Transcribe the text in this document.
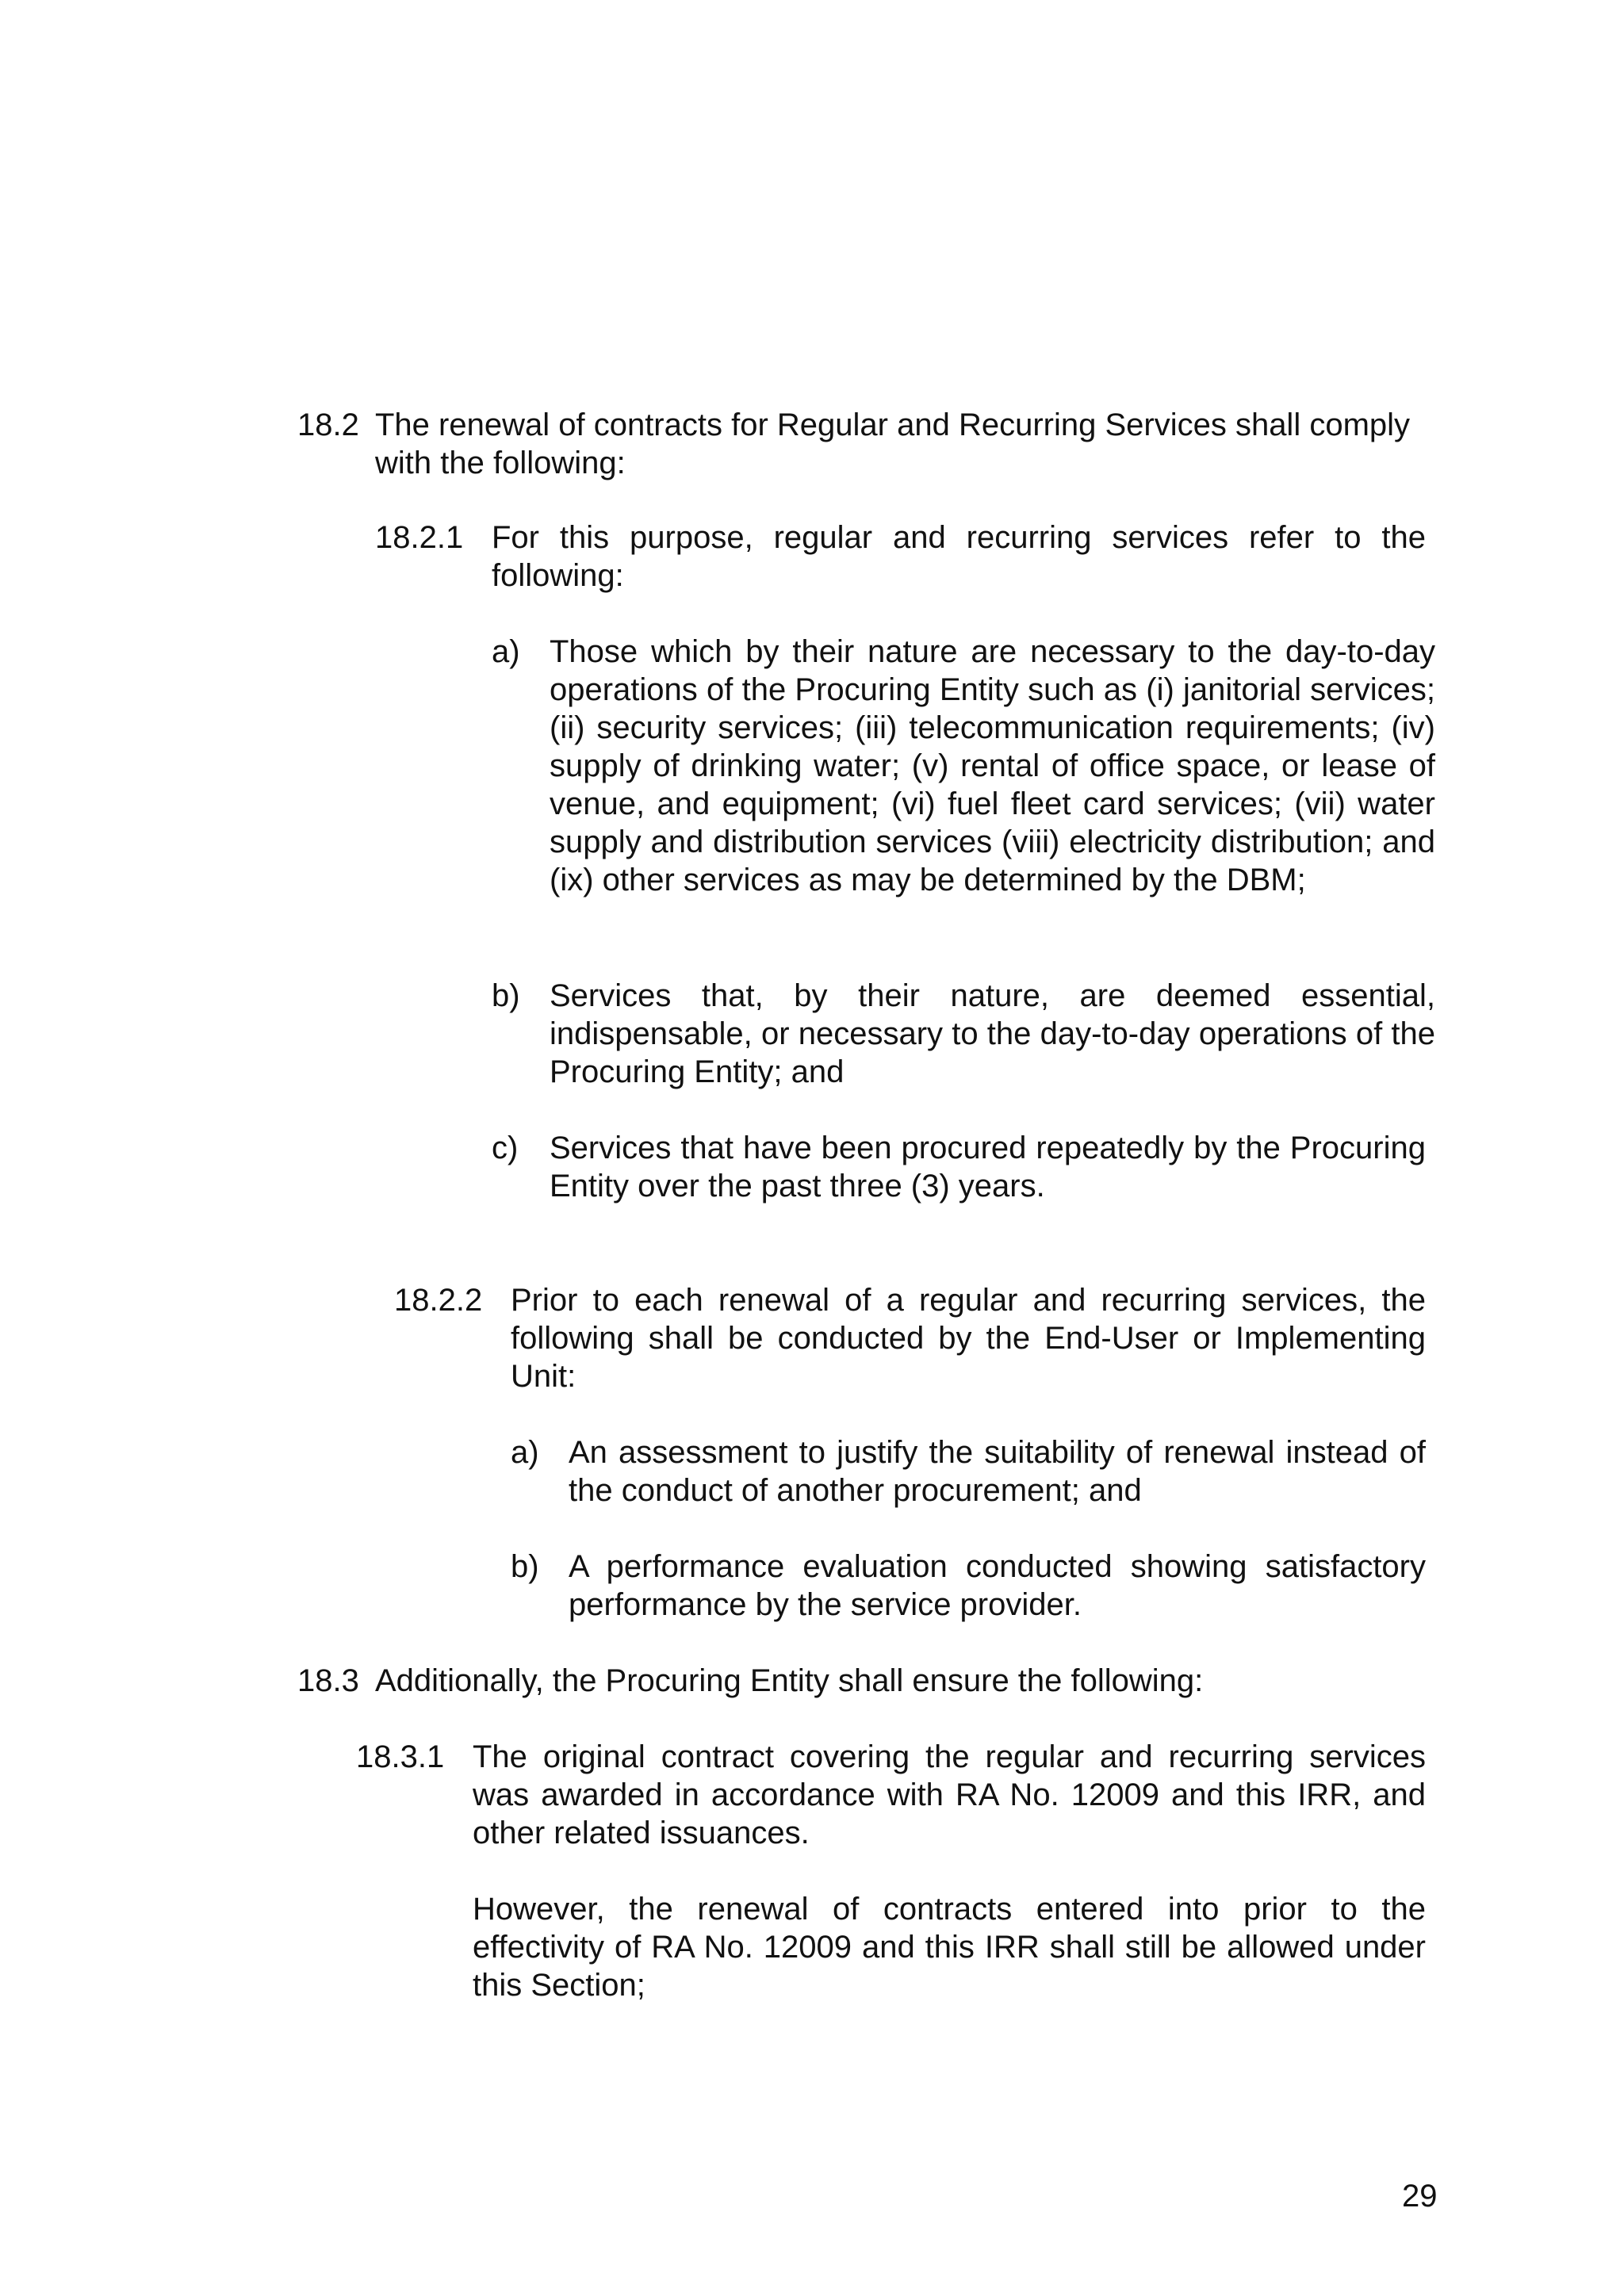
18.2 The renewal of contracts for Regular and Recurring Services shall comply with the following:
18.2.1 For this purpose, regular and recurring services refer to the following:
a) Those which by their nature are necessary to the day-to-day operations of the Procuring Entity such as (i) janitorial services; (ii) security services; (iii) telecommunication requirements; (iv) supply of drinking water; (v) rental of office space, or lease of venue, and equipment; (vi) fuel fleet card services; (vii) water supply and distribution services (viii) electricity distribution; and (ix) other services as may be determined by the DBM;
b) Services that, by their nature, are deemed essential, indispensable, or necessary to the day-to-day operations of the Procuring Entity; and
c) Services that have been procured repeatedly by the Procuring Entity over the past three (3) years.
18.2.2 Prior to each renewal of a regular and recurring services, the following shall be conducted by the End-User or Implementing Unit:
a) An assessment to justify the suitability of renewal instead of the conduct of another procurement; and
b) A performance evaluation conducted showing satisfactory performance by the service provider.
18.3 Additionally, the Procuring Entity shall ensure the following:
18.3.1 The original contract covering the regular and recurring services was awarded in accordance with RA No. 12009 and this IRR, and other related issuances.
However, the renewal of contracts entered into prior to the effectivity of RA No. 12009 and this IRR shall still be allowed under this Section;
29
